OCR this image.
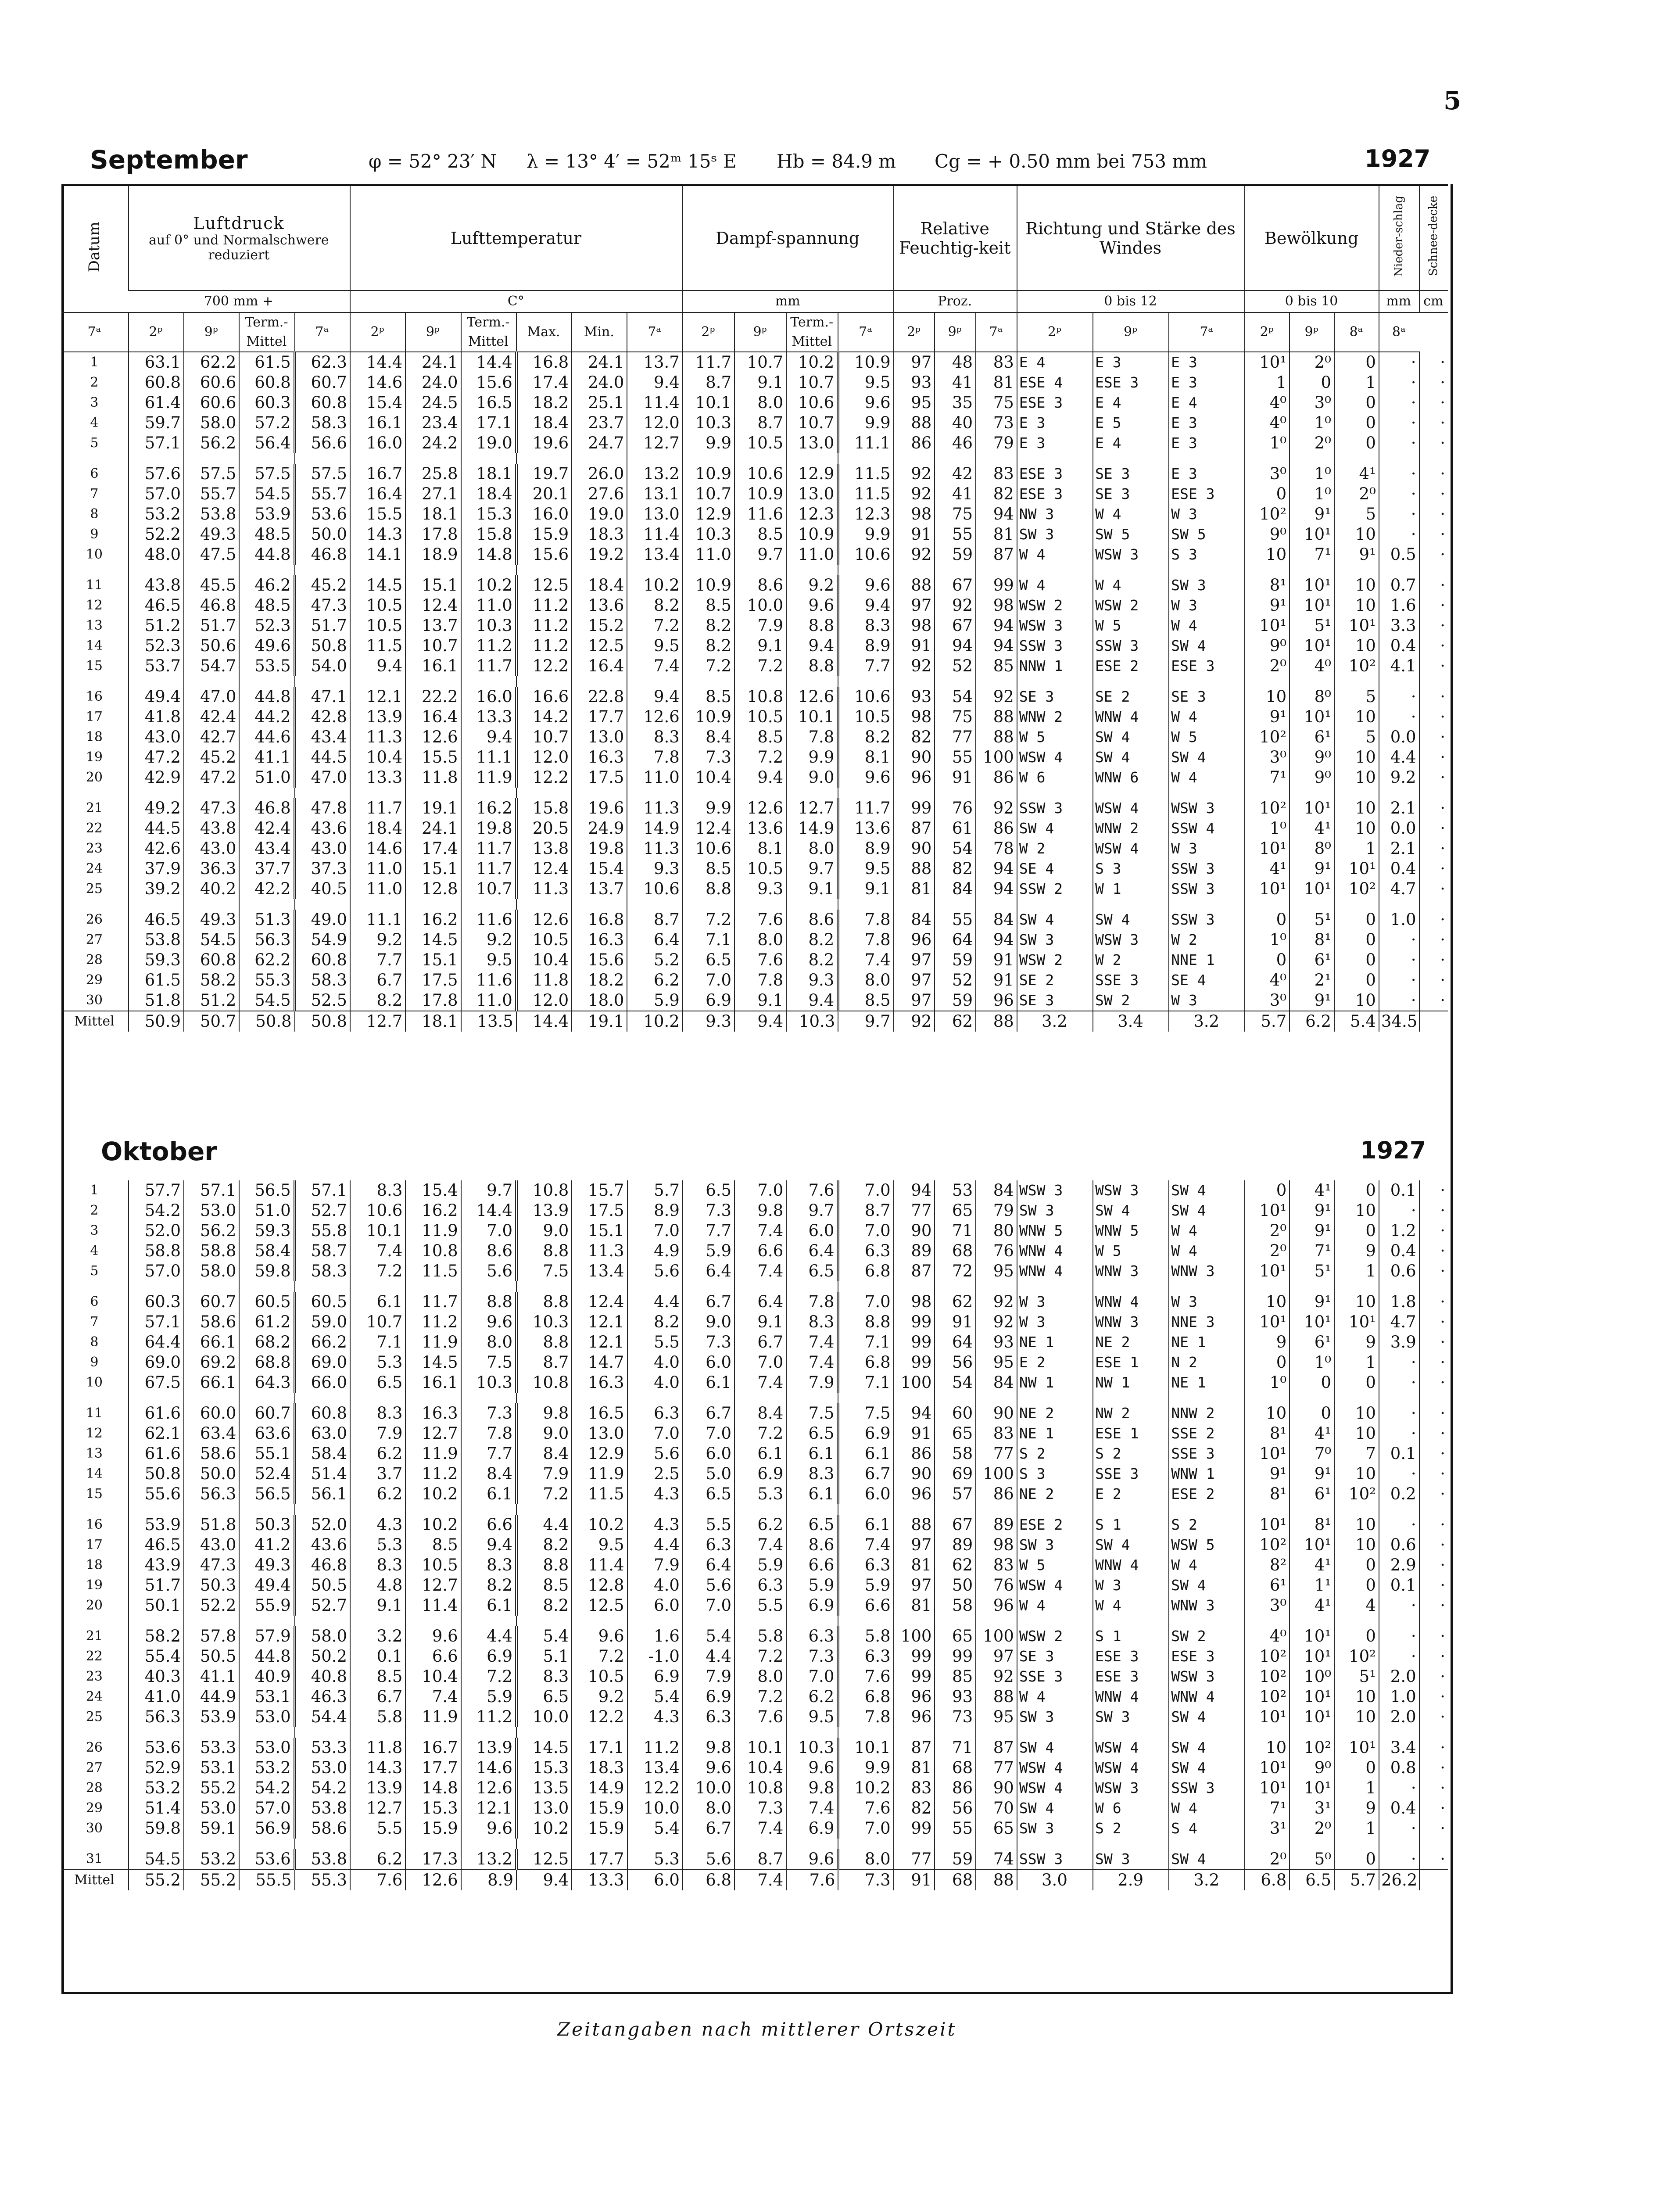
5
September	φ = 52° 23′ N λ = 13° 4′ = 52ᵐ 15ˢ E Hb = 84.9 m Cg = + 0.50 mm bei 753 mm	1927
Datum	Luftdruck
auf 0° und Normalschwere reduziert				Lufttemperatur						Dampf-spannung				Relative Feuchtig-keit			Richtung und Stärke des Windes			Bewölkung			Nieder-schlag	Schnee-decke
	700 mm +				C°						mm				Proz.			0 bis 12			0 bis 10			mm	cm
7ᵃ	2ᵖ	9ᵖ	Term.-Mittel	7ᵃ	2ᵖ	9ᵖ	Term.-Mittel	Max.	Min.	7ᵃ	2ᵖ	9ᵖ	Term.-Mittel	7ᵃ	2ᵖ	9ᵖ	7ᵃ	2ᵖ	9ᵖ	7ᵃ	2ᵖ	9ᵖ	8ᵃ	8ᵃ	
1	63.1	62.2	61.5	62.3	14.4	24.1	14.4	16.8	24.1	13.7	11.7	10.7	10.2	10.9	97	48	83	E 4	E 3	E 3	10¹	2⁰	0	·	·
2	60.8	60.6	60.8	60.7	14.6	24.0	15.6	17.4	24.0	9.4	8.7	9.1	10.7	9.5	93	41	81	ESE 4	ESE 3	E 3	1	0	1	·	·
3	61.4	60.6	60.3	60.8	15.4	24.5	16.5	18.2	25.1	11.4	10.1	8.0	10.6	9.6	95	35	75	ESE 3	E 4	E 4	4⁰	3⁰	0	·	·
4	59.7	58.0	57.2	58.3	16.1	23.4	17.1	18.4	23.7	12.0	10.3	8.7	10.7	9.9	88	40	73	E 3	E 5	E 3	4⁰	1⁰	0	·	·
5	57.1	56.2	56.4	56.6	16.0	24.2	19.0	19.6	24.7	12.7	9.9	10.5	13.0	11.1	86	46	79	E 3	E 4	E 3	1⁰	2⁰	0	·	·

6	57.6	57.5	57.5	57.5	16.7	25.8	18.1	19.7	26.0	13.2	10.9	10.6	12.9	11.5	92	42	83	ESE 3	SE 3	E 3	3⁰	1⁰	4¹	·	·
7	57.0	55.7	54.5	55.7	16.4	27.1	18.4	20.1	27.6	13.1	10.7	10.9	13.0	11.5	92	41	82	ESE 3	SE 3	ESE 3	0	1⁰	2⁰	·	·
8	53.2	53.8	53.9	53.6	15.5	18.1	15.3	16.0	19.0	13.0	12.9	11.6	12.3	12.3	98	75	94	NW 3	W 4	W 3	10²	9¹	5	·	·
9	52.2	49.3	48.5	50.0	14.3	17.8	15.8	15.9	18.3	11.4	10.3	8.5	10.9	9.9	91	55	81	SW 3	SW 5	SW 5	9⁰	10¹	10	·	·
10	48.0	47.5	44.8	46.8	14.1	18.9	14.8	15.6	19.2	13.4	11.0	9.7	11.0	10.6	92	59	87	W 4	WSW 3	S 3	10	7¹	9¹	0.5	·

11	43.8	45.5	46.2	45.2	14.5	15.1	10.2	12.5	18.4	10.2	10.9	8.6	9.2	9.6	88	67	99	W 4	W 4	SW 3	8¹	10¹	10	0.7	·
12	46.5	46.8	48.5	47.3	10.5	12.4	11.0	11.2	13.6	8.2	8.5	10.0	9.6	9.4	97	92	98	WSW 2	WSW 2	W 3	9¹	10¹	10	1.6	·
13	51.2	51.7	52.3	51.7	10.5	13.7	10.3	11.2	15.2	7.2	8.2	7.9	8.8	8.3	98	67	94	WSW 3	W 5	W 4	10¹	5¹	10¹	3.3	·
14	52.3	50.6	49.6	50.8	11.5	10.7	11.2	11.2	12.5	9.5	8.2	9.1	9.4	8.9	91	94	94	SSW 3	SSW 3	SW 4	9⁰	10¹	10	0.4	·
15	53.7	54.7	53.5	54.0	9.4	16.1	11.7	12.2	16.4	7.4	7.2	7.2	8.8	7.7	92	52	85	NNW 1	ESE 2	ESE 3	2⁰	4⁰	10²	4.1	·

16	49.4	47.0	44.8	47.1	12.1	22.2	16.0	16.6	22.8	9.4	8.5	10.8	12.6	10.6	93	54	92	SE 3	SE 2	SE 3	10	8⁰	5	·	·
17	41.8	42.4	44.2	42.8	13.9	16.4	13.3	14.2	17.7	12.6	10.9	10.5	10.1	10.5	98	75	88	WNW 2	WNW 4	W 4	9¹	10¹	10	·	·
18	43.0	42.7	44.6	43.4	11.3	12.6	9.4	10.7	13.0	8.3	8.4	8.5	7.8	8.2	82	77	88	W 5	SW 4	W 5	10²	6¹	5	0.0	·
19	47.2	45.2	41.1	44.5	10.4	15.5	11.1	12.0	16.3	7.8	7.3	7.2	9.9	8.1	90	55	100	WSW 4	SW 4	SW 4	3⁰	9⁰	10	4.4	·
20	42.9	47.2	51.0	47.0	13.3	11.8	11.9	12.2	17.5	11.0	10.4	9.4	9.0	9.6	96	91	86	W 6	WNW 6	W 4	7¹	9⁰	10	9.2	·

21	49.2	47.3	46.8	47.8	11.7	19.1	16.2	15.8	19.6	11.3	9.9	12.6	12.7	11.7	99	76	92	SSW 3	WSW 4	WSW 3	10²	10¹	10	2.1	·
22	44.5	43.8	42.4	43.6	18.4	24.1	19.8	20.5	24.9	14.9	12.4	13.6	14.9	13.6	87	61	86	SW 4	WNW 2	SSW 4	1⁰	4¹	10	0.0	·
23	42.6	43.0	43.4	43.0	14.6	17.4	11.7	13.8	19.8	11.3	10.6	8.1	8.0	8.9	90	54	78	W 2	WSW 4	W 3	10¹	8⁰	1	2.1	·
24	37.9	36.3	37.7	37.3	11.0	15.1	11.7	12.4	15.4	9.3	8.5	10.5	9.7	9.5	88	82	94	SE 4	S 3	SSW 3	4¹	9¹	10¹	0.4	·
25	39.2	40.2	42.2	40.5	11.0	12.8	10.7	11.3	13.7	10.6	8.8	9.3	9.1	9.1	81	84	94	SSW 2	W 1	SSW 3	10¹	10¹	10²	4.7	·

26	46.5	49.3	51.3	49.0	11.1	16.2	11.6	12.6	16.8	8.7	7.2	7.6	8.6	7.8	84	55	84	SW 4	SW 4	SSW 3	0	5¹	0	1.0	·
27	53.8	54.5	56.3	54.9	9.2	14.5	9.2	10.5	16.3	6.4	7.1	8.0	8.2	7.8	96	64	94	SW 3	WSW 3	W 2	1⁰	8¹	0	·	·
28	59.3	60.8	62.2	60.8	7.7	15.1	9.5	10.4	15.6	5.2	6.5	7.6	8.2	7.4	97	59	91	WSW 2	W 2	NNE 1	0	6¹	0	·	·
29	61.5	58.2	55.3	58.3	6.7	17.5	11.6	11.8	18.2	6.2	7.0	7.8	9.3	8.0	97	52	91	SE 2	SSE 3	SE 4	4⁰	2¹	0	·	·
30	51.8	51.2	54.5	52.5	8.2	17.8	11.0	12.0	18.0	5.9	6.9	9.1	9.4	8.5	97	59	96	SE 3	SW 2	W 3	3⁰	9¹	10	·	·
Mittel	50.9	50.7	50.8	50.8	12.7	18.1	13.5	14.4	19.1	10.2	9.3	9.4	10.3	9.7	92	62	88	3.2	3.4	3.2	5.7	6.2	5.4	34.5	
Oktober	1927
1	57.7	57.1	56.5	57.1	8.3	15.4	9.7	10.8	15.7	5.7	6.5	7.0	7.6	7.0	94	53	84	WSW 3	WSW 3	SW 4	0	4¹	0	0.1	·
2	54.2	53.0	51.0	52.7	10.6	16.2	14.4	13.9	17.5	8.9	7.3	9.8	9.7	8.7	77	65	79	SW 3	SW 4	SW 4	10¹	9¹	10	·	·
3	52.0	56.2	59.3	55.8	10.1	11.9	7.0	9.0	15.1	7.0	7.7	7.4	6.0	7.0	90	71	80	WNW 5	WNW 5	W 4	2⁰	9¹	0	1.2	·
4	58.8	58.8	58.4	58.7	7.4	10.8	8.6	8.8	11.3	4.9	5.9	6.6	6.4	6.3	89	68	76	WNW 4	W 5	W 4	2⁰	7¹	9	0.4	·
5	57.0	58.0	59.8	58.3	7.2	11.5	5.6	7.5	13.4	5.6	6.4	7.4	6.5	6.8	87	72	95	WNW 4	WNW 3	WNW 3	10¹	5¹	1	0.6	·

6	60.3	60.7	60.5	60.5	6.1	11.7	8.8	8.8	12.4	4.4	6.7	6.4	7.8	7.0	98	62	92	W 3	WNW 4	W 3	10	9¹	10	1.8	·
7	57.1	58.6	61.2	59.0	10.7	11.2	9.6	10.3	12.1	8.2	9.0	9.1	8.3	8.8	99	91	92	W 3	WNW 3	NNE 3	10¹	10¹	10¹	4.7	·
8	64.4	66.1	68.2	66.2	7.1	11.9	8.0	8.8	12.1	5.5	7.3	6.7	7.4	7.1	99	64	93	NE 1	NE 2	NE 1	9	6¹	9	3.9	·
9	69.0	69.2	68.8	69.0	5.3	14.5	7.5	8.7	14.7	4.0	6.0	7.0	7.4	6.8	99	56	95	E 2	ESE 1	N 2	0	1⁰	1	·	·
10	67.5	66.1	64.3	66.0	6.5	16.1	10.3	10.8	16.3	4.0	6.1	7.4	7.9	7.1	100	54	84	NW 1	NW 1	NE 1	1⁰	0	0	·	·

11	61.6	60.0	60.7	60.8	8.3	16.3	7.3	9.8	16.5	6.3	6.7	8.4	7.5	7.5	94	60	90	NE 2	NW 2	NNW 2	10	0	10	·	·
12	62.1	63.4	63.6	63.0	7.9	12.7	7.8	9.0	13.0	7.0	7.0	7.2	6.5	6.9	91	65	83	NE 1	ESE 1	SSE 2	8¹	4¹	10	·	·
13	61.6	58.6	55.1	58.4	6.2	11.9	7.7	8.4	12.9	5.6	6.0	6.1	6.1	6.1	86	58	77	S 2	S 2	SSE 3	10¹	7⁰	7	0.1	·
14	50.8	50.0	52.4	51.4	3.7	11.2	8.4	7.9	11.9	2.5	5.0	6.9	8.3	6.7	90	69	100	S 3	SSE 3	WNW 1	9¹	9¹	10	·	·
15	55.6	56.3	56.5	56.1	6.2	10.2	6.1	7.2	11.5	4.3	6.5	5.3	6.1	6.0	96	57	86	NE 2	E 2	ESE 2	8¹	6¹	10²	0.2	·

16	53.9	51.8	50.3	52.0	4.3	10.2	6.6	4.4	10.2	4.3	5.5	6.2	6.5	6.1	88	67	89	ESE 2	S 1	S 2	10¹	8¹	10	·	·
17	46.5	43.0	41.2	43.6	5.3	8.5	9.4	8.2	9.5	4.4	6.3	7.4	8.6	7.4	97	89	98	SW 3	SW 4	WSW 5	10²	10¹	10	0.6	·
18	43.9	47.3	49.3	46.8	8.3	10.5	8.3	8.8	11.4	7.9	6.4	5.9	6.6	6.3	81	62	83	W 5	WNW 4	W 4	8²	4¹	0	2.9	·
19	51.7	50.3	49.4	50.5	4.8	12.7	8.2	8.5	12.8	4.0	5.6	6.3	5.9	5.9	97	50	76	WSW 4	W 3	SW 4	6¹	1¹	0	0.1	·
20	50.1	52.2	55.9	52.7	9.1	11.4	6.1	8.2	12.5	6.0	7.0	5.5	6.9	6.6	81	58	96	W 4	W 4	WNW 3	3⁰	4¹	4	·	·

21	58.2	57.8	57.9	58.0	3.2	9.6	4.4	5.4	9.6	1.6	5.4	5.8	6.3	5.8	100	65	100	WSW 2	S 1	SW 2	4⁰	10¹	0	·	·
22	55.4	50.5	44.8	50.2	0.1	6.6	6.9	5.1	7.2	-1.0	4.4	7.2	7.3	6.3	99	99	97	SE 3	ESE 3	ESE 3	10²	10¹	10²	·	·
23	40.3	41.1	40.9	40.8	8.5	10.4	7.2	8.3	10.5	6.9	7.9	8.0	7.0	7.6	99	85	92	SSE 3	ESE 3	WSW 3	10²	10⁰	5¹	2.0	·
24	41.0	44.9	53.1	46.3	6.7	7.4	5.9	6.5	9.2	5.4	6.9	7.2	6.2	6.8	96	93	88	W 4	WNW 4	WNW 4	10²	10¹	10	1.0	·
25	56.3	53.9	53.0	54.4	5.8	11.9	11.2	10.0	12.2	4.3	6.3	7.6	9.5	7.8	96	73	95	SW 3	SW 3	SW 4	10¹	10¹	10	2.0	·

26	53.6	53.3	53.0	53.3	11.8	16.7	13.9	14.5	17.1	11.2	9.8	10.1	10.3	10.1	87	71	87	SW 4	WSW 4	SW 4	10	10²	10¹	3.4	·
27	52.9	53.1	53.2	53.0	14.3	17.7	14.6	15.3	18.3	13.4	9.6	10.4	9.6	9.9	81	68	77	WSW 4	WSW 4	SW 4	10¹	9⁰	0	0.8	·
28	53.2	55.2	54.2	54.2	13.9	14.8	12.6	13.5	14.9	12.2	10.0	10.8	9.8	10.2	83	86	90	WSW 4	WSW 3	SSW 3	10¹	10¹	1	·	·
29	51.4	53.0	57.0	53.8	12.7	15.3	12.1	13.0	15.9	10.0	8.0	7.3	7.4	7.6	82	56	70	SW 4	W 6	W 4	7¹	3¹	9	0.4	·
30	59.8	59.1	56.9	58.6	5.5	15.9	9.6	10.2	15.9	5.4	6.7	7.4	6.9	7.0	99	55	65	SW 3	S 2	S 4	3¹	2⁰	1	·	·

31	54.5	53.2	53.6	53.8	6.2	17.3	13.2	12.5	17.7	5.3	5.6	8.7	9.6	8.0	77	59	74	SSW 3	SW 3	SW 4	2⁰	5⁰	0	·	·
Mittel	55.2	55.2	55.5	55.3	7.6	12.6	8.9	9.4	13.3	6.0	6.8	7.4	7.6	7.3	91	68	88	3.0	2.9	3.2	6.8	6.5	5.7	26.2	
Zeitangaben nach mittlerer Ortszeit
